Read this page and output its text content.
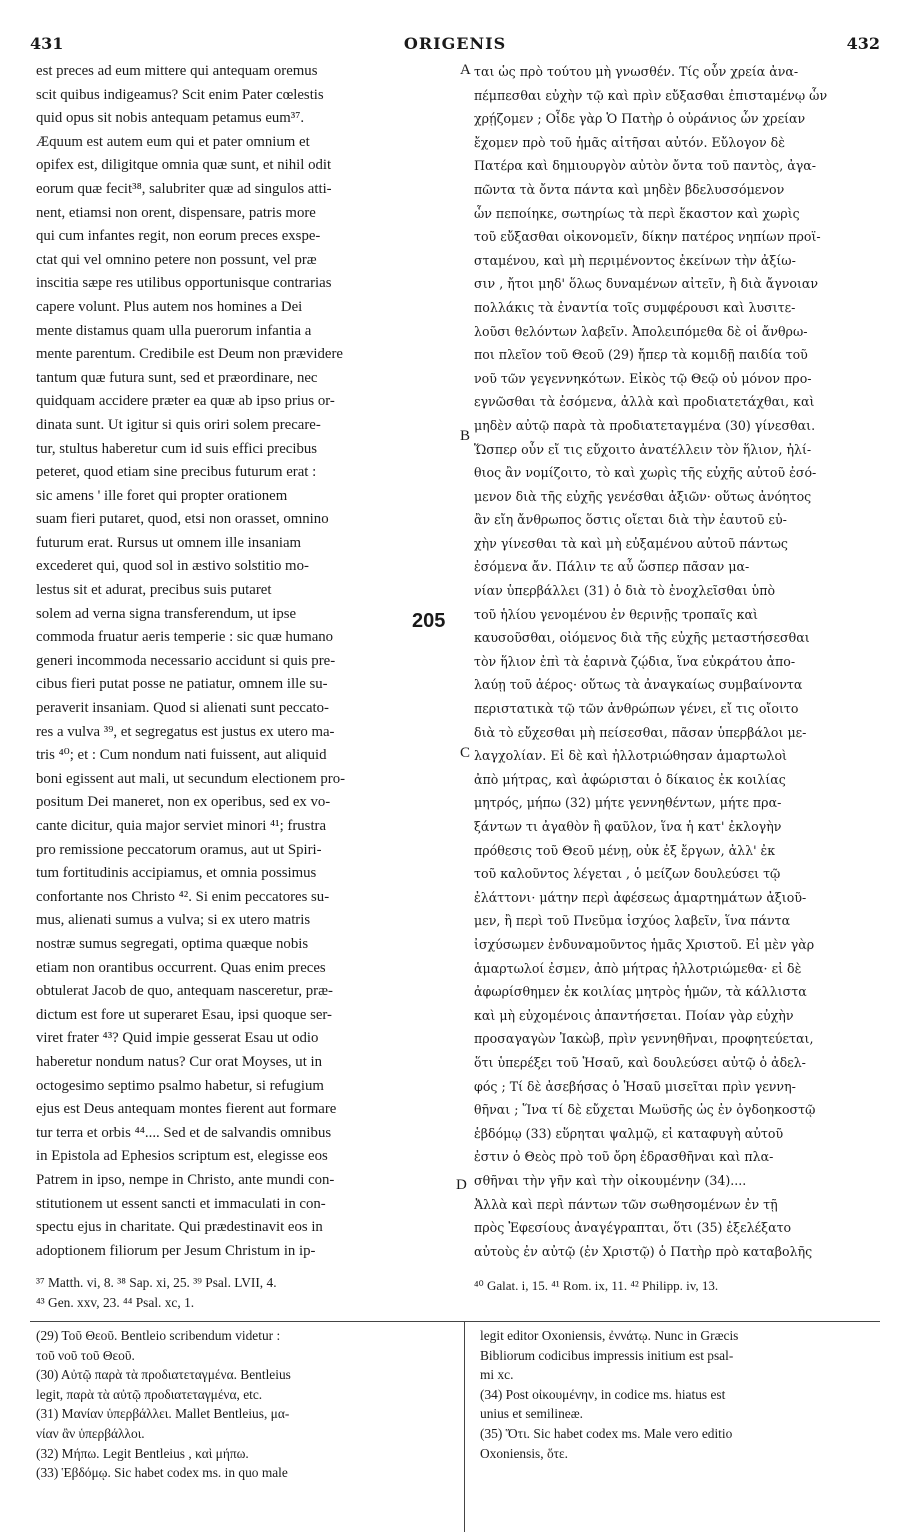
431	ORIGENIS	432
est preces ad eum mittere qui antequam oremus
scit quibus indigeamus? Scit enim Pater cœlestis
quid opus sit nobis antequam petamus eum³⁷.
Æquum est autem eum qui et pater omnium et
opifex est, diligitque omnia quæ sunt, et nihil odit
eorum quæ fecit³⁸, salubriter quæ ad singulos atti-
nent, etiamsi non orent, dispensare, patris more
qui cum infantes regit, non eorum preces exspe-
ctat qui vel omnino petere non possunt, vel præ
inscitia sæpe res utilibus opportunisque contrarias
capere volunt. Plus autem nos homines a Dei
mente distamus quam ulla puerorum infantia a
mente parentum. Credibile est Deum non prævidere
tantum quæ futura sunt, sed et præordinare, nec
quidquam accidere præter ea quæ ab ipso prius or-
dinata sunt. Ut igitur si quis oriri solem precare-
tur, stultus haberetur cum id suis effici precibus
peteret, quod etiam sine precibus futurum erat :
sic amens ' ille foret qui propter orationem
suam fieri putaret, quod, etsi non orasset, omnino
futurum erat. Rursus ut omnem ille insaniam
excederet qui, quod sol in æstivo solstitio mo-
lestus sit et adurat, precibus suis putaret
solem ad verna signa transferendum, ut ipse
commoda fruatur aeris temperie : sic quæ humano
generi incommoda necessario accidunt si quis pre-
cibus fieri putat posse ne patiatur, omnem ille su-
peraverit insaniam. Quod si alienati sunt peccato-
res a vulva ³⁹, et segregatus est justus ex utero ma-
tris ⁴⁰; et : Cum nondum nati fuissent, aut aliquid
boni egissent aut mali, ut secundum electionem pro-
positum Dei maneret, non ex operibus, sed ex vo-
cante dicitur, quia major serviet minori ⁴¹; frustra
pro remissione peccatorum oramus, aut ut Spiri-
tum fortitudinis accipiamus, et omnia possimus
confortante nos Christo ⁴². Si enim peccatores su-
mus, alienati sumus a vulva; si ex utero matris
nostræ sumus segregati, optima quæque nobis
etiam non orantibus occurrent. Quas enim preces
obtulerat Jacob de quo, antequam nasceretur, præ-
dictum est fore ut superaret Esau, ipsi quoque ser-
viret frater ⁴³? Quid impie gesserat Esau ut odio
haberetur nondum natus? Cur orat Moyses, ut in
octogesimo septimo psalmo habetur, si refugium
ejus est Deus antequam montes fierent aut formare
tur terra et orbis ⁴⁴.... Sed et de salvandis omnibus
in Epistola ad Ephesios scriptum est, elegisse eos
Patrem in ipso, nempe in Christo, ante mundi con-
stitutionem ut essent sancti et immaculati in con-
spectu ejus in charitate. Qui prædestinavit eos in
adoptionem filiorum per Jesum Christum in ip-
ται ὡς πρὸ τούτου μὴ γνωσθέν. Τίς οὖν χρεία ἀνα-
πέμπεσθαι εὐχὴν τῷ καὶ πρὶν εὔξασθαι ἐπισταμένῳ ὧν
χρῄζομεν ; Οἶδε γὰρ Ὁ Πατὴρ ὁ οὐράνιος ὧν χρείαν
ἔχομεν πρὸ τοῦ ἡμᾶς αἰτῆσαι αὐτόν. Εὔλογον δὲ
Πατέρα καὶ δημιουργὸν αὐτὸν ὄντα τοῦ παντὸς, ἀγα-
πῶντα τὰ ὄντα πάντα καὶ μηδὲν βδελυσσόμενον
ὧν πεποίηκε, σωτηρίως τὰ περὶ ἕκαστον καὶ χωρὶς
τοῦ εὔξασθαι οἰκονομεῖν, δίκην πατέρος νηπίων προϊ-
σταμένου, καὶ μὴ περιμένοντος ἐκείνων τὴν ἀξίω-
σιν , ἤτοι μηδ' ὅλως δυναμένων αἰτεῖν, ἢ διὰ ἄγνοιαν
πολλάκις τὰ ἐναντία τοῖς συμφέρουσι καὶ λυσιτε-
λοῦσι θελόντων λαβεῖν. Ἀπολειπόμεθα δὲ οἱ ἄνθρω-
ποι πλεῖον τοῦ Θεοῦ (29) ἤπερ τὰ κομιδῇ παιδία τοῦ
νοῦ τῶν γεγεννηκότων. Εἰκὸς τῷ Θεῷ οὐ μόνον προ-
εγνῶσθαι τὰ ἐσόμενα, ἀλλὰ καὶ προδιατετάχθαι, καὶ
μηδὲν αὐτῷ παρὰ τὰ προδιατεταγμένα (30) γίνεσθαι.
Ὥσπερ οὖν εἴ τις εὔχοιτο ἀνατέλλειν τὸν ἥλιον, ἠλί-
θιος ἂν νομίζοιτο, τὸ καὶ χωρὶς τῆς εὐχῆς αὐτοῦ ἐσό-
μενον διὰ τῆς εὐχῆς γενέσθαι ἀξιῶν· οὕτως ἀνόητος
ἂν εἴη ἄνθρωπος ὅστις οἴεται διὰ τὴν ἑαυτοῦ εὐ-
χὴν γίνεσθαι τὰ καὶ μὴ εὐξαμένου αὐτοῦ πάντως
ἐσόμενα ἄν. Πάλιν τε αὖ ὥσπερ πᾶσαν μα-
νίαν ὑπερβάλλει (31) ὁ διὰ τὸ ἐνοχλεῖσθαι ὑπὸ
τοῦ ἡλίου γενομένου ἐν θερινῇς τροπαῖς καὶ
καυσοῦσθαι, οἰόμενος διὰ τῆς εὐχῆς μεταστήσεσθαι
τὸν ἥλιον ἐπὶ τὰ ἐαρινὰ ζῴδια, ἵνα εὐκράτου ἀπο-
λαύῃ τοῦ ἀέρος· οὕτως τὰ ἀναγκαίως συμβαίνοντα
περιστατικὰ τῷ τῶν ἀνθρώπων γένει, εἴ τις οἴοιτο
διὰ τὸ εὔχεσθαι μὴ πείσεσθαι, πᾶσαν ὑπερβάλοι με-
λαγχολίαν. Εἰ δὲ καὶ ἠλλοτριώθησαν ἁμαρτωλοὶ
ἀπὸ μήτρας, καὶ ἀφώρισται ὁ δίκαιος ἐκ κοιλίας
μητρός, μήπω (32) μήτε γεννηθέντων, μήτε πρα-
ξάντων τι ἀγαθὸν ἢ φαῦλον, ἵνα ἡ κατ' ἐκλογὴν
πρόθεσις τοῦ Θεοῦ μένῃ, οὐκ ἐξ ἔργων, ἀλλ' ἐκ
τοῦ καλοῦντος λέγεται , ὁ μείζων δουλεύσει τῷ
ἐλάττονι· μάτην περὶ ἀφέσεως ἁμαρτημάτων ἀξιοῦ-
μεν, ἢ περὶ τοῦ Πνεῦμα ἰσχύος λαβεῖν, ἵνα πάντα
ἰσχύσωμεν ἐνδυναμοῦντος ἡμᾶς Χριστοῦ. Εἰ μὲν γὰρ
ἁμαρτωλοί ἐσμεν, ἀπὸ μήτρας ἠλλοτριώμεθα· εἰ δὲ
ἀφωρίσθημεν ἐκ κοιλίας μητρὸς ἡμῶν, τὰ κάλλιστα
καὶ μὴ εὐχομένοις ἀπαντήσεται. Ποίαν γὰρ εὐχὴν
προσαγαγὼν Ἰακὼβ, πρὶν γεννηθῆναι, προφητεύεται,
ὅτι ὑπερέξει τοῦ Ἡσαῦ, καὶ δουλεύσει αὐτῷ ὁ ἀδελ-
φός ; Τί δὲ ἀσεβήσας ὁ Ἡσαῦ μισεῖται πρὶν γεννη-
θῆναι ; Ἵνα τί δὲ εὔχεται Μωϋσῆς ὡς ἐν ὀγδοηκοστῷ
ἑβδόμῳ (33) εὕρηται ψαλμῷ, εἰ καταφυγὴ αὐτοῦ
ἐστιν ὁ Θεὸς πρὸ τοῦ ὄρη ἑδρασθῆναι καὶ πλα-
σθῆναι τὴν γῆν καὶ τὴν οἰκουμένην (34)....
Ἀλλὰ καὶ περὶ πάντων τῶν σωθησομένων ἐν τῇ
πρὸς Ἐφεσίους ἀναγέγραπται, ὅτι (35) ἐξελέξατο
αὐτοὺς ἐν αὐτῷ (ἐν Χριστῷ) ὁ Πατὴρ πρὸ καταβολῆς
A
B
C
D
205
³⁷ Matth. vi, 8. ³⁸ Sap. xi, 25. ³⁹ Psal. LVII, 4.
⁴³ Gen. xxv, 23. ⁴⁴ Psal. xc, 1.
⁴⁰ Galat. i, 15. ⁴¹ Rom. ix, 11. ⁴² Philipp. iv, 13.
(29) Τοῦ Θεοῦ. Bentleio scribendum videtur :
τοῦ νοῦ τοῦ Θεοῦ.
(30) Αὐτῷ παρὰ τὰ προδιατεταγμένα. Bentleius
legit, παρὰ τὰ αὐτῷ προδιατεταγμένα, etc.
(31) Μανίαν ὑπερβάλλει. Mallet Bentleius, μα-
νίαν ἂν ὑπερβάλλοι.
(32) Μήπω. Legit Bentleius , καὶ μήπω.
(33) Ἑβδόμῳ. Sic habet codex ms. in quo male
legit editor Oxoniensis, ἐννάτῳ. Nunc in Græcis
Bibliorum codicibus impressis initium est psal-
mi xc.
(34) Post οἰκουμένην, in codice ms. hiatus est
unius et semilineæ.
(35) Ὅτι. Sic habet codex ms. Male vero editio
Oxoniensis, ὅτε.
